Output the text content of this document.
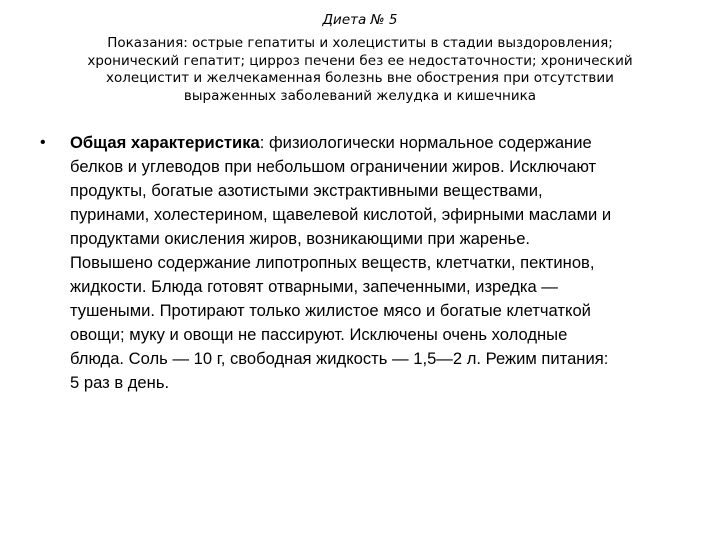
Диета № 5
Показания: острые гепатиты и холециститы в стадии выздоровления;
хронический гепатит; цирроз печени без ее недостаточности; хронический
холецистит и желчекаменная болезнь вне обострения при отсутствии
выраженных заболеваний желудка и кишечника
• Общая характеристика: физиологически нормальное содержание
белков и углеводов при небольшом ограничении жиров. Исключают
продукты, богатые азотистыми экстрактивными веществами,
пуринами, холестерином, щавелевой кислотой, эфирными маслами и
продуктами окисления жиров, возникающими при жаренье.
Повышено содержание липотропных веществ, клетчатки, пектинов,
жидкости. Блюда готовят отварными, запеченными, изредка —
тушеными. Протирают только жилистое мясо и богатые клетчаткой
овощи; муку и овощи не пассируют. Исключены очень холодные
блюда. Соль — 10 г, свободная жидкость — 1,5—2 л. Режим питания:
5 раз в день.
